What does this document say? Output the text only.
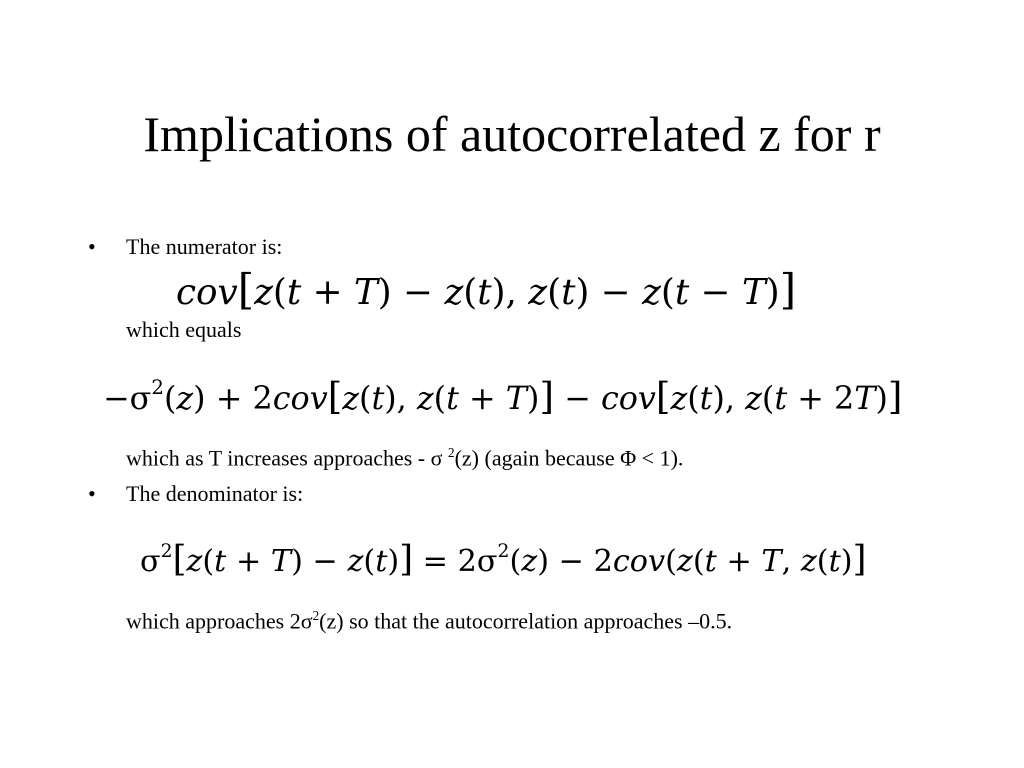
Implications of autocorrelated z for r
• The numerator is:
cov[z(t + T) − z(t), z(t) − z(t − T)]
which equals
$-\sigma^2(z) + 2cov[z(t)$, z(t + T)] − cov[z(t), z(t + 2T)]
which as T increases approaches - σ $^2$(z) (again because Φ < 1).
• The denominator is:
$\sigma^2[z(t + T) - z(t)] = 2\sigma^2(z) - 2cov(z(t + T$, z(t)]
which approaches $2\sigma^2(z)$ so that the autocorrelation approaches –0.5.
